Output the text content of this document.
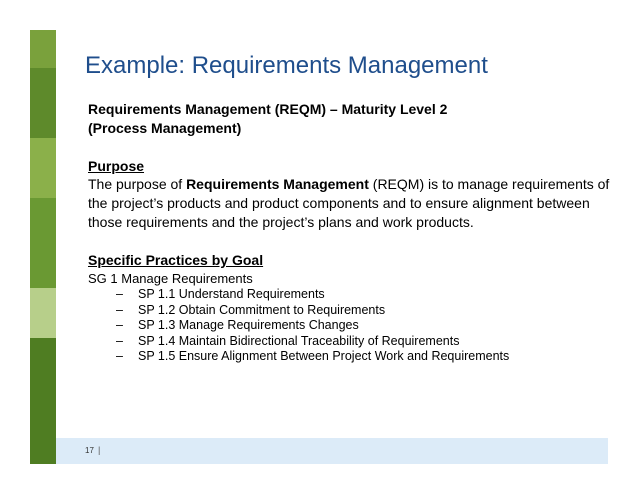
Example: Requirements Management
Requirements Management (REQM) – Maturity Level 2
(Process Management)
Purpose
The purpose of Requirements Management (REQM) is to manage requirements of the project’s products and product components and to ensure alignment between those requirements and the project’s plans and work products.
Specific Practices by Goal
SG 1 Manage Requirements
– SP 1.1 Understand Requirements
– SP 1.2 Obtain Commitment to Requirements
– SP 1.3 Manage Requirements Changes
– SP 1.4 Maintain Bidirectional Traceability of Requirements
– SP 1.5 Ensure Alignment Between Project Work and Requirements
17 |
